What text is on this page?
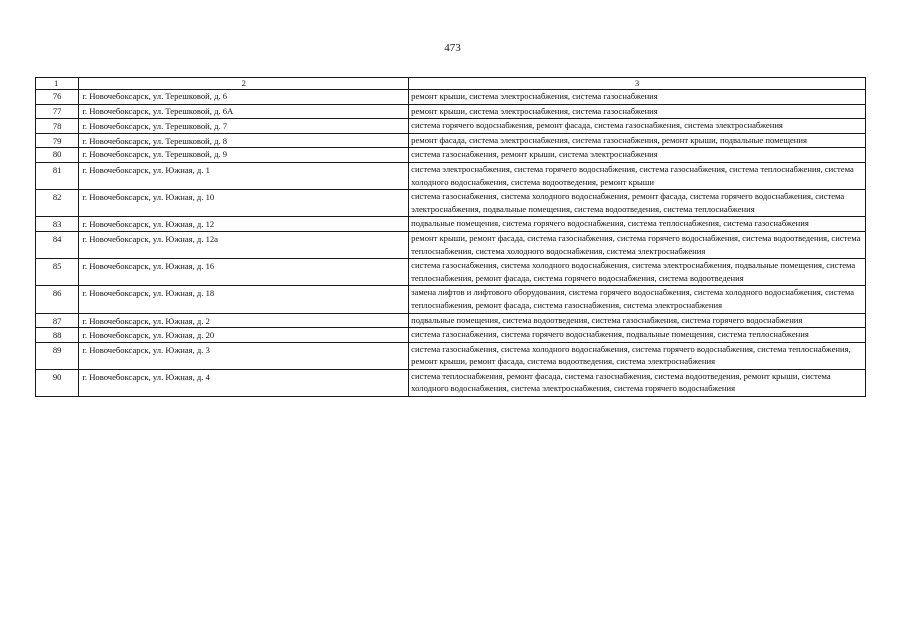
473
1	2	3
76	г. Новочебоксарск, ул. Терешковой, д. 6	ремонт крыши, система электроснабжения, система газоснабжения
77	г. Новочебоксарск, ул. Терешковой, д. 6А	ремонт крыши, система электроснабжения, система газоснабжения
78	г. Новочебоксарск, ул. Терешковой, д. 7	система горячего водоснабжения, ремонт фасада, система газоснабжения, система электроснабжения
79	г. Новочебоксарск, ул. Терешковой, д. 8	ремонт фасада, система электроснабжения, система газоснабжения, ремонт крыши, подвальные помещения
80	г. Новочебоксарск, ул. Терешковой, д. 9	система газоснабжения, ремонт крыши, система электроснабжения
81	г. Новочебоксарск, ул. Южная, д. 1	система электроснабжения, система горячего водоснабжения, система газоснабжения, система теплоснабжения, система холодного водоснабжения, система водоотведения, ремонт крыши
82	г. Новочебоксарск, ул. Южная, д. 10	система газоснабжения, система холодного водоснабжения, ремонт фасада, система горячего водоснабжения, система электроснабжения, подвальные помещения, система водоотведения, система теплоснабжения
83	г. Новочебоксарск, ул. Южная, д. 12	подвальные помещения, система горячего водоснабжения, система теплоснабжения, система газоснабжения
84	г. Новочебоксарск, ул. Южная, д. 12а	ремонт крыши, ремонт фасада, система газоснабжения, система горячего водоснабжения, система водоотведения, система теплоснабжения, система холодного водоснабжения, система электроснабжения
85	г. Новочебоксарск, ул. Южная, д. 16	система газоснабжения, система холодного водоснабжения, система электроснабжения, подвальные помещения, система теплоснабжения, ремонт фасада, система горячего водоснабжения, система водоотведения
86	г. Новочебоксарск, ул. Южная, д. 18	замена лифтов и лифтового оборудования, система горячего водоснабжения, система холодного водоснабжения, система теплоснабжения, ремонт фасада, система газоснабжения, система электроснабжения
87	г. Новочебоксарск, ул. Южная, д. 2	подвальные помещения, система водоотведения, система газоснабжения, система горячего водоснабжения
88	г. Новочебоксарск, ул. Южная, д. 20	система газоснабжения, система горячего водоснабжения, подвальные помещения, система теплоснабжения
89	г. Новочебоксарск, ул. Южная, д. 3	система газоснабжения, система холодного водоснабжения, система горячего водоснабжения, система теплоснабжения, ремонт крыши, ремонт фасада, система водоотведения, система электроснабжения
90	г. Новочебоксарск, ул. Южная, д. 4	система теплоснабжения, ремонт фасада, система газоснабжения, система водоотведения, ремонт крыши, система холодного водоснабжения, система электроснабжения, система горячего водоснабжения
